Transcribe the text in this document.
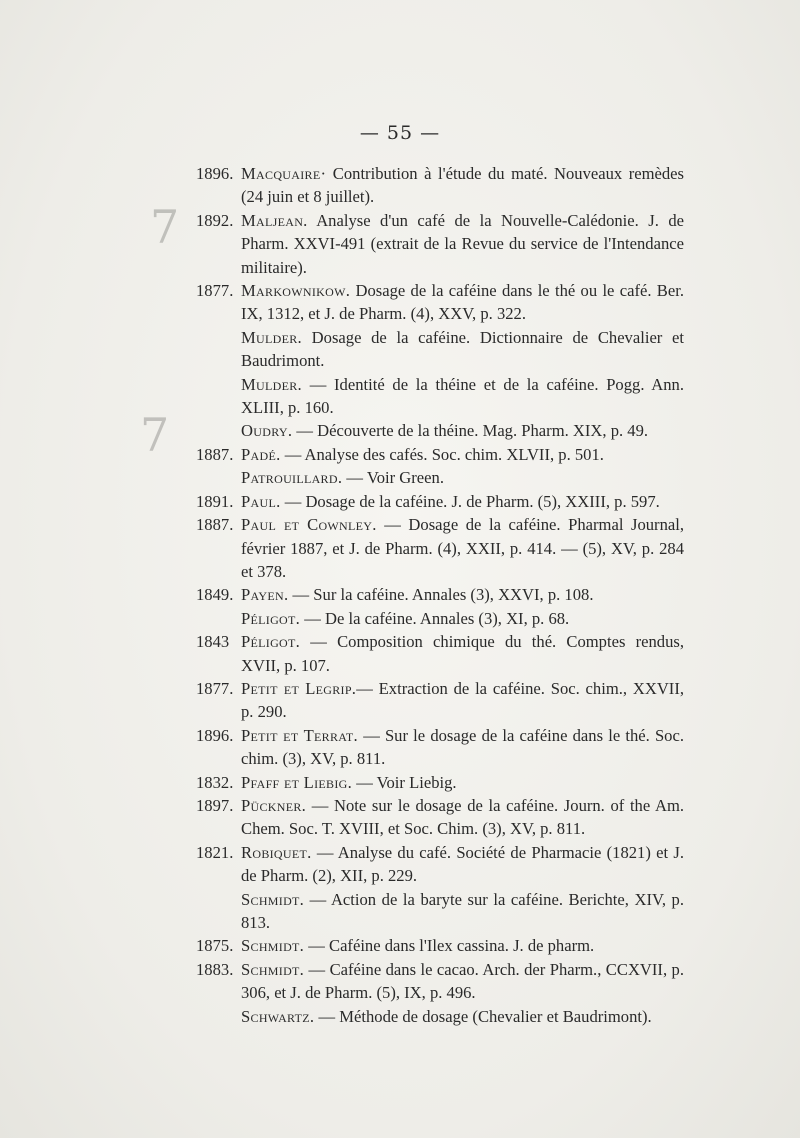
— 55 —
7
7
1896. Macquaire· Contribution à l'étude du maté. Nouveaux remèdes (24 juin et 8 juillet).
1892. Maljean. Analyse d'un café de la Nouvelle-Calédonie. J. de Pharm. XXVI-491 (extrait de la Revue du service de l'Intendance militaire).
1877. Markownikow. Dosage de la caféine dans le thé ou le café. Ber. IX, 1312, et J. de Pharm. (4), XXV, p. 322.
Mulder. Dosage de la caféine. Dictionnaire de Chevalier et Baudrimont.
Mulder. — Identité de la théine et de la caféine. Pogg. Ann. XLIII, p. 160.
Oudry. — Découverte de la théine. Mag. Pharm. XIX, p. 49.
1887. Padé. — Analyse des cafés. Soc. chim. XLVII, p. 501.
Patrouillard. — Voir Green.
1891. Paul. — Dosage de la caféine. J. de Pharm. (5), XXIII, p. 597.
1887. Paul et Cownley. — Dosage de la caféine. Pharmal Journal, février 1887, et J. de Pharm. (4), XXII, p. 414. — (5), XV, p. 284 et 378.
1849. Payen. — Sur la caféine. Annales (3), XXVI, p. 108.
Péligot. — De la caféine. Annales (3), XI, p. 68.
1843 Péligot. — Composition chimique du thé. Comptes rendus, XVII, p. 107.
1877. Petit et Legrip.— Extraction de la caféine. Soc. chim., XXVII, p. 290.
1896. Petit et Terrat. — Sur le dosage de la caféine dans le thé. Soc. chim. (3), XV, p. 811.
1832. Pfaff et Liebig. — Voir Liebig.
1897. Pückner. — Note sur le dosage de la caféine. Journ. of the Am. Chem. Soc. T. XVIII, et Soc. Chim. (3), XV, p. 811.
1821. Robiquet. — Analyse du café. Société de Pharmacie (1821) et J. de Pharm. (2), XII, p. 229.
Schmidt. — Action de la baryte sur la caféine. Berichte, XIV, p. 813.
1875. Schmidt. — Caféine dans l'Ilex cassina. J. de pharm.
1883. Schmidt. — Caféine dans le cacao. Arch. der Pharm., CCXVII, p. 306, et J. de Pharm. (5), IX, p. 496.
Schwartz. — Méthode de dosage (Chevalier et Baudrimont).
